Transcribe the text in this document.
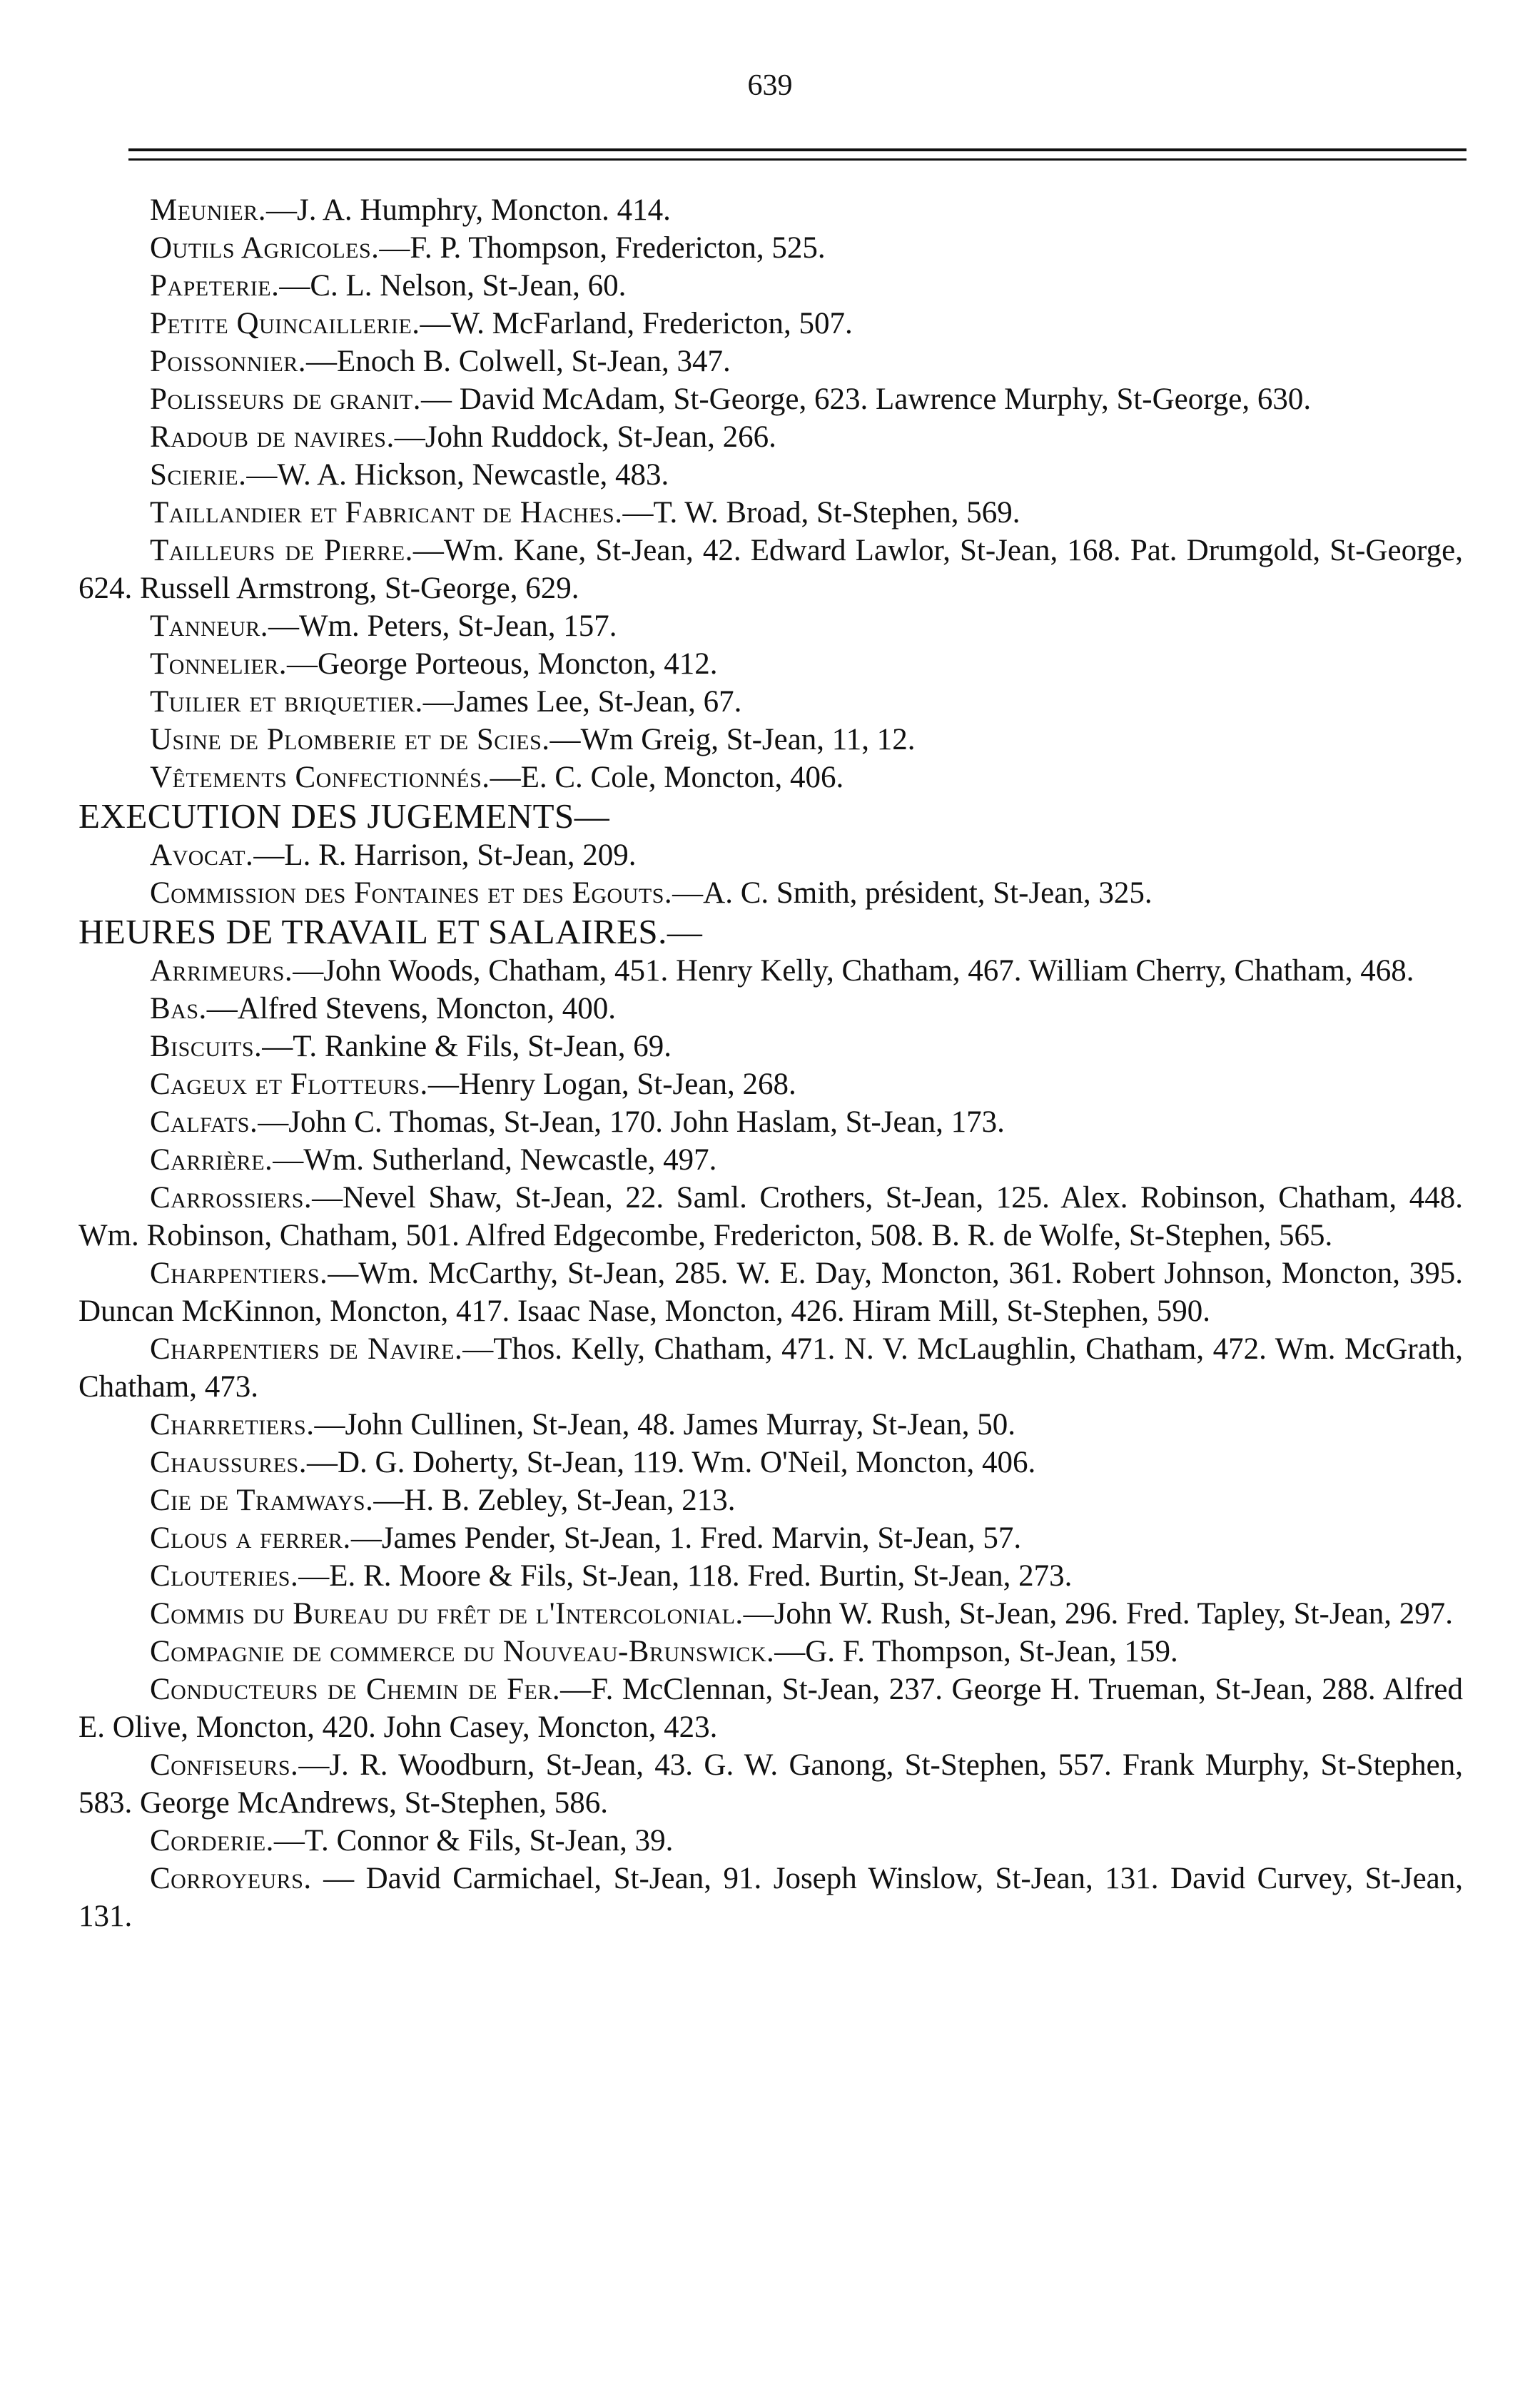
639

Meunier.—J. A. Humphry, Moncton. 414.

Outils Agricoles.—F. P. Thompson, Fredericton, 525.

Papeterie.—C. L. Nelson, St-Jean, 60.

Petite Quincaillerie.—W. McFarland, Fredericton, 507.

Poissonnier.—Enoch B. Colwell, St-Jean, 347.

Polisseurs de granit.— David McAdam, St-George, 623. Lawrence Murphy, St-George, 630.

Radoub de navires.—John Ruddock, St-Jean, 266.

Scierie.—W. A. Hickson, Newcastle, 483.

Taillandier et Fabricant de Haches.—T. W. Broad, St-Stephen, 569.

Tailleurs de Pierre.—Wm. Kane, St-Jean, 42. Edward Lawlor, St-Jean, 168. Pat. Drumgold, St-George, 624. Russell Armstrong, St-George, 629.

Tanneur.—Wm. Peters, St-Jean, 157.

Tonnelier.—George Porteous, Moncton, 412.

Tuilier et briquetier.—James Lee, St-Jean, 67.

Usine de Plomberie et de Scies.—Wm Greig, St-Jean, 11, 12.

Vêtements Confectionnés.—E. C. Cole, Moncton, 406.

EXECUTION DES JUGEMENTS—

Avocat.—L. R. Harrison, St-Jean, 209.

Commission des Fontaines et des Egouts.—A. C. Smith, président, St-Jean, 325.

HEURES DE TRAVAIL ET SALAIRES.—

Arrimeurs.—John Woods, Chatham, 451. Henry Kelly, Chatham, 467. William Cherry, Chatham, 468.

Bas.—Alfred Stevens, Moncton, 400.

Biscuits.—T. Rankine & Fils, St-Jean, 69.

Cageux et Flotteurs.—Henry Logan, St-Jean, 268.

Calfats.—John C. Thomas, St-Jean, 170. John Haslam, St-Jean, 173.

Carrière.—Wm. Sutherland, Newcastle, 497.

Carrossiers.—Nevel Shaw, St-Jean, 22. Saml. Crothers, St-Jean, 125. Alex. Robinson, Chatham, 448. Wm. Robinson, Chatham, 501. Alfred Edgecombe, Fredericton, 508. B. R. de Wolfe, St-Stephen, 565.

Charpentiers.—Wm. McCarthy, St-Jean, 285. W. E. Day, Moncton, 361. Robert Johnson, Moncton, 395. Duncan McKinnon, Moncton, 417. Isaac Nase, Moncton, 426. Hiram Mill, St-Stephen, 590.

Charpentiers de Navire.—Thos. Kelly, Chatham, 471. N. V. McLaughlin, Chatham, 472. Wm. McGrath, Chatham, 473.

Charretiers.—John Cullinen, St-Jean, 48. James Murray, St-Jean, 50.

Chaussures.—D. G. Doherty, St-Jean, 119. Wm. O'Neil, Moncton, 406.

Cie de Tramways.—H. B. Zebley, St-Jean, 213.

Clous a ferrer.—James Pender, St-Jean, 1. Fred. Marvin, St-Jean, 57.

Clouteries.—E. R. Moore & Fils, St-Jean, 118. Fred. Burtin, St-Jean, 273.

Commis du Bureau du frêt de l'Intercolonial.—John W. Rush, St-Jean, 296. Fred. Tapley, St-Jean, 297.

Compagnie de commerce du Nouveau-Brunswick.—G. F. Thompson, St-Jean, 159.

Conducteurs de Chemin de Fer.—F. McClennan, St-Jean, 237. George H. Trueman, St-Jean, 288. Alfred E. Olive, Moncton, 420. John Casey, Moncton, 423.

Confiseurs.—J. R. Woodburn, St-Jean, 43. G. W. Ganong, St-Stephen, 557. Frank Murphy, St-Stephen, 583. George McAndrews, St-Stephen, 586.

Corderie.—T. Connor & Fils, St-Jean, 39.

Corroyeurs. — David Carmichael, St-Jean, 91. Joseph Winslow, St-Jean, 131. David Curvey, St-Jean, 131.
